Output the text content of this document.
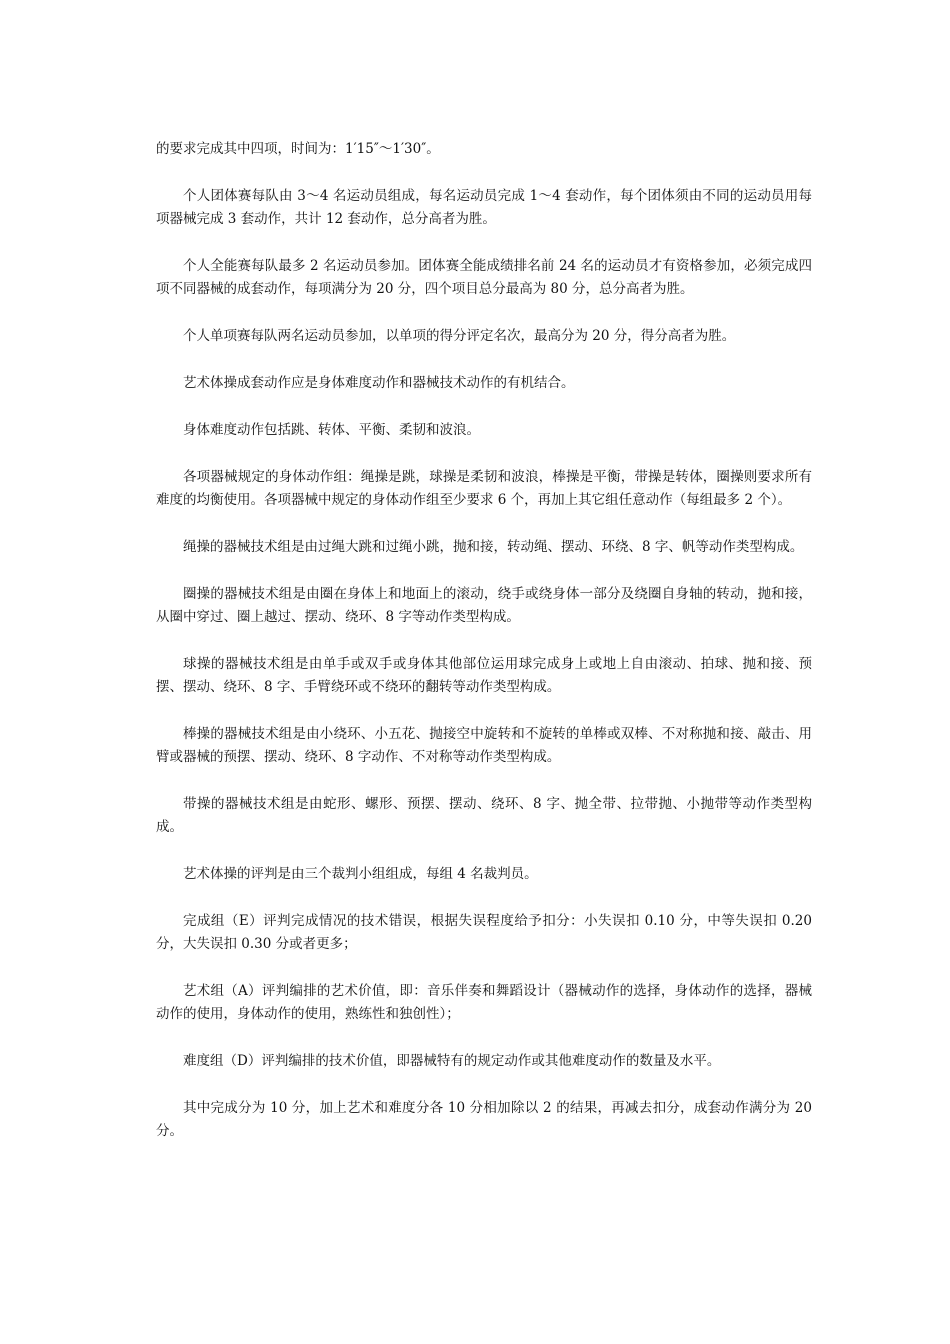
的要求完成其中四项，时间为：1′15″～1′30″。

个人团体赛每队由 3～4 名运动员组成，每名运动员完成 1～4 套动作，每个团体须由不同的运动员用每项器械完成 3 套动作，共计 12 套动作，总分高者为胜。

个人全能赛每队最多 2 名运动员参加。团体赛全能成绩排名前 24 名的运动员才有资格参加，必须完成四项不同器械的成套动作，每项满分为 20 分，四个项目总分最高为 80 分，总分高者为胜。

个人单项赛每队两名运动员参加，以单项的得分评定名次，最高分为 20 分，得分高者为胜。

艺术体操成套动作应是身体难度动作和器械技术动作的有机结合。

身体难度动作包括跳、转体、平衡、柔韧和波浪。

各项器械规定的身体动作组：绳操是跳，球操是柔韧和波浪，棒操是平衡，带操是转体，圈操则要求所有难度的均衡使用。各项器械中规定的身体动作组至少要求 6 个，再加上其它组任意动作（每组最多 2 个）。

绳操的器械技术组是由过绳大跳和过绳小跳，抛和接，转动绳、摆动、环绕、8 字、帆等动作类型构成。

圈操的器械技术组是由圈在身体上和地面上的滚动，绕手或绕身体一部分及绕圈自身轴的转动，抛和接，从圈中穿过、圈上越过、摆动、绕环、8 字等动作类型构成。

球操的器械技术组是由单手或双手或身体其他部位运用球完成身上或地上自由滚动、拍球、抛和接、预摆、摆动、绕环、8 字、手臂绕环或不绕环的翻转等动作类型构成。

棒操的器械技术组是由小绕环、小五花、抛接空中旋转和不旋转的单棒或双棒、不对称抛和接、敲击、用臂或器械的预摆、摆动、绕环、8 字动作、不对称等动作类型构成。

带操的器械技术组是由蛇形、螺形、预摆、摆动、绕环、8 字、抛全带、拉带抛、小抛带等动作类型构成。

艺术体操的评判是由三个裁判小组组成，每组 4 名裁判员。

完成组（E）评判完成情况的技术错误，根据失误程度给予扣分：小失误扣 0.10 分，中等失误扣 0.20 分，大失误扣 0.30 分或者更多；

艺术组（A）评判编排的艺术价值，即：音乐伴奏和舞蹈设计（器械动作的选择，身体动作的选择，器械动作的使用，身体动作的使用，熟练性和独创性）；

难度组（D）评判编排的技术价值，即器械特有的规定动作或其他难度动作的数量及水平。

其中完成分为 10 分，加上艺术和难度分各 10 分相加除以 2 的结果，再减去扣分，成套动作满分为 20 分。
